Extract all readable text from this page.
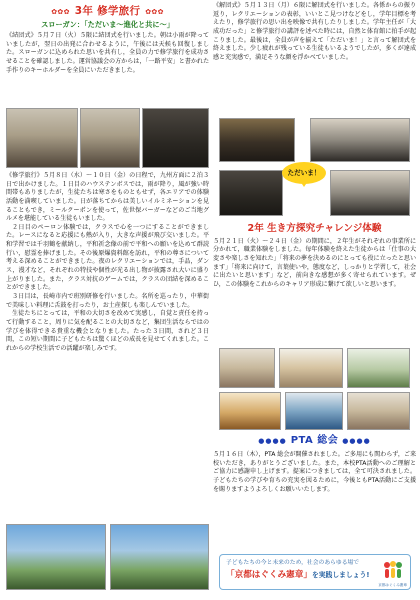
✿✿✿ 3年 修学旅行 ✿✿✿
スローガン：「ただいま～進化と共に～」
《結団式》５月７日（火）５限に結団式を行いました。朝は小雨が降っていましたが，翌日の出発に合わせるように，午後には天候も回復しました。スローガンに込められた思いを共有し，全員の力で修学旅行を成功させることを確認しました。運営協議会の方からは，「一路平安」と書かれた手作りのキーホルダーを全員にいただきました。
《修学旅行》５月８日（水）～１０日（金）の日程で，九州方面に２泊３日で出かけました。１日目のハウステンボスでは，雨が降り，風が強い時間帯もありましたが，生徒たちは寒さをものともせず，各エリアでの体験活動を満喫していました。日が落ちてからは美しいイルミネーションを見ることもでき，ミールクーポンを使って，佐世保バーガーなどのご当地グルメを堪能している生徒もいました。
２日目のペーロン体験では，クラスで心を一つにすることができました。レースになると応援にも熱が入り，大きな声援が飛び交いました。平和学習では千羽鶴を献納し，平和祈念像の前で平和への願いを込めて群読行い，慰霊を捧げました。その後原爆資料館を訪れ，平和の尊さについて考える深めることができました。夜のレクリエーションでは，手品，ダンス，漫才など，それぞれの特技や個性が光る出し物が披露され大いに盛り上がりました。また，クラス対抗のゲームでは，クラスの団結を深めることができました。
３日目は，長崎市内で班別研修を行いました。名所を巡ったり，中華街で美味しい料理に舌鼓を打ったり，お土産探しも楽しんでいました。
生徒たちにとっては，平和の大切さを改めて実感し，自覚と責任を持って行動すること，周りに気を配ることの大切さなど，集団生活ならではの学びを体得できる貴重な機会となりました。たった３日間，されど３日間，この短い期間に子どもたちは驚くほどの成長を見せてくれました。これからの学校生活での活躍が楽しみです。
《解団式》５月１３日（月）６限に解団式を行いました。各係からの振り返り，レクリエーションの表彰，いいとこ見つけなどをし，学年目標を考えたり，修学旅行の思い出を映像で共有したりしました。学年主任が「大成功だった」と修学旅行の講評を述べた時には，自然と体育館に拍手が起こりました。最後は，全員が声を揃えて「ただいま！」と言って解団式を終えました。少し疲れが残っている生徒もいるようでしたが，多くが達成感と充実感で，満足そうな顔を浮かべていました。
ただいま！
2年 生き方探究チャレンジ体験
５月２１日（火）～２４日（金）の期間に，２年生がそれぞれの事業所に分かれて，職業体験をしました。毎年体験を終えた生徒からは「仕事の大変さや楽しさを知れた」「将来の夢を決めるのにとっても役に立ったと思います」「将来に向けて，言葉使いや，態度など，しっかりと学習して，社会に出たいと思います」など，前向きな感想が多く寄せられています。ぜひ，この体験をこれからのキャリア形成に繋げて欲しいと思います。
●●●● PTA 総会 ●●●●
５月１６日（木），PTA 総会が開催されました。ご多用にも関わらず，ご来校いただき，ありがとうございました。また，本校PTA活動へのご理解とご協力に感謝申し上げます。提案につきましては，全て可決されました。子どもたちの学びや育ちの充実を図るために，今後ともPTA活動にご支援を賜りますようよろしくお願いいたします。
子どもたちの今と未来のため，社会のあらゆる場で
「京都はぐくみ憲章」を実践しましょう!
京都はぐくみ憲章
